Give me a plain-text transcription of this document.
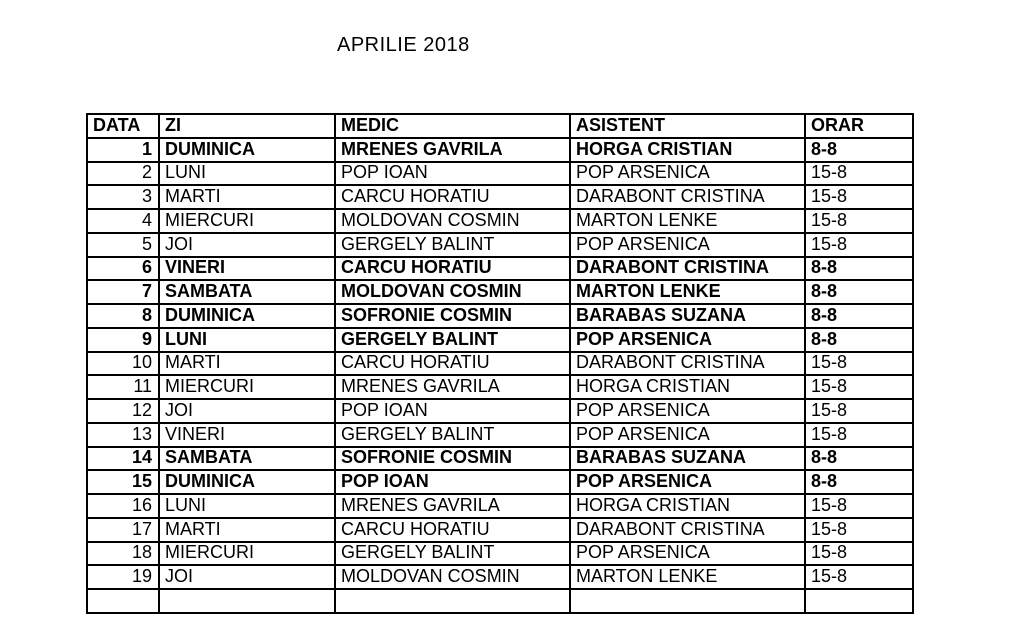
APRILIE 2018
DATA	ZI	MEDIC	ASISTENT	ORAR
1	DUMINICA	MRENES GAVRILA	HORGA CRISTIAN	8-8
2	LUNI	POP IOAN	POP ARSENICA	15-8
3	MARTI	CARCU HORATIU	DARABONT CRISTINA	15-8
4	MIERCURI	MOLDOVAN COSMIN	MARTON LENKE	15-8
5	JOI	GERGELY BALINT	POP ARSENICA	15-8
6	VINERI	CARCU HORATIU	DARABONT CRISTINA	8-8
7	SAMBATA	MOLDOVAN COSMIN	MARTON LENKE	8-8
8	DUMINICA	SOFRONIE COSMIN	BARABAS SUZANA	8-8
9	LUNI	GERGELY BALINT	POP ARSENICA	8-8
10	MARTI	CARCU HORATIU	DARABONT CRISTINA	15-8
11	MIERCURI	MRENES GAVRILA	HORGA CRISTIAN	15-8
12	JOI	POP IOAN	POP ARSENICA	15-8
13	VINERI	GERGELY BALINT	POP ARSENICA	15-8
14	SAMBATA	SOFRONIE COSMIN	BARABAS SUZANA	8-8
15	DUMINICA	POP IOAN	POP ARSENICA	8-8
16	LUNI	MRENES GAVRILA	HORGA CRISTIAN	15-8
17	MARTI	CARCU HORATIU	DARABONT CRISTINA	15-8
18	MIERCURI	GERGELY BALINT	POP ARSENICA	15-8
19	JOI	MOLDOVAN COSMIN	MARTON LENKE	15-8
